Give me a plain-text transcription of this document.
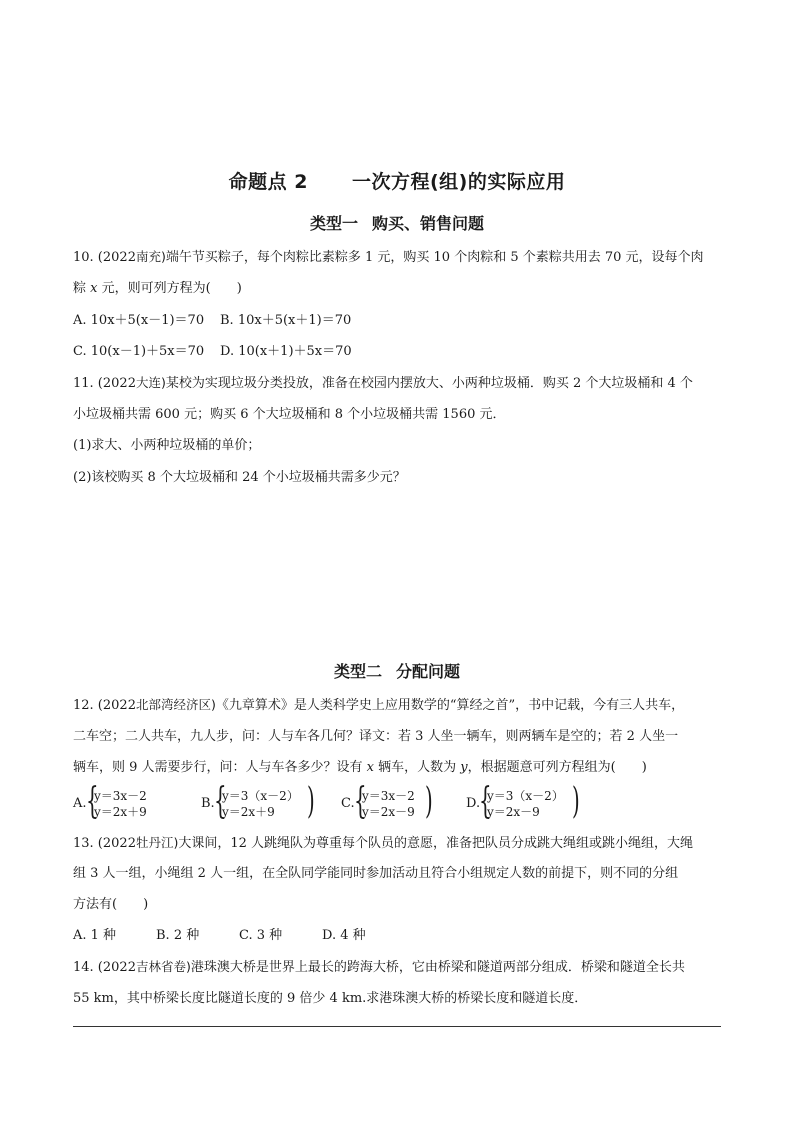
命题点 2 一次方程(组)的实际应用
类型一 购买、销售问题
10. (2022南充)端午节买粽子，每个肉粽比素粽多 1 元，购买 10 个肉粽和 5 个素粽共用去 70 元，设每个肉
粽 x 元，则可列方程为(　　)
A. 10x＋5(x－1)＝70 B. 10x＋5(x＋1)＝70
C. 10(x－1)＋5x＝70 D. 10(x＋1)＋5x＝70
11. (2022大连)某校为实现垃圾分类投放，准备在校园内摆放大、小两种垃圾桶．购买 2 个大垃圾桶和 4 个
小垃圾桶共需 600 元；购买 6 个大垃圾桶和 8 个小垃圾桶共需 1560 元．
(1)求大、小两种垃圾桶的单价；
(2)该校购买 8 个大垃圾桶和 24 个小垃圾桶共需多少元？
类型二 分配问题
12. (2022北部湾经济区)《九章算术》是人类科学史上应用数学的“算经之首”，书中记载，今有三人共车，
二车空；二人共车，九人步，问：人与车各几何？译文：若 3 人坐一辆车，则两辆车是空的；若 2 人坐一
辆车，则 9 人需要步行，问：人与车各多少？设有 x 辆车，人数为 y，根据题意可列方程组为(　　)
A. {
y＝3x－2
y＝2x＋9
B. {
y＝3（x－2）
y＝2x＋9 ) C. {
y＝3x－2
y＝2x－9 )	D.
{
y＝3（x－2）
y＝2x－9 )
13. (2022牡丹江)大课间，12 人跳绳队为尊重每个队员的意愿，准备把队员分成跳大绳组或跳小绳组，大绳
组 3 人一组，小绳组 2 人一组，在全队同学能同时参加活动且符合小组规定人数的前提下，则不同的分组
方法有(　　)
A. 1 种	B. 2 种	C. 3 种	D. 4 种
14. (2022吉林省卷)港珠澳大桥是世界上最长的跨海大桥，它由桥梁和隧道两部分组成．桥梁和隧道全长共
55 km，其中桥梁长度比隧道长度的 9 倍少 4 km.求港珠澳大桥的桥梁长度和隧道长度．
